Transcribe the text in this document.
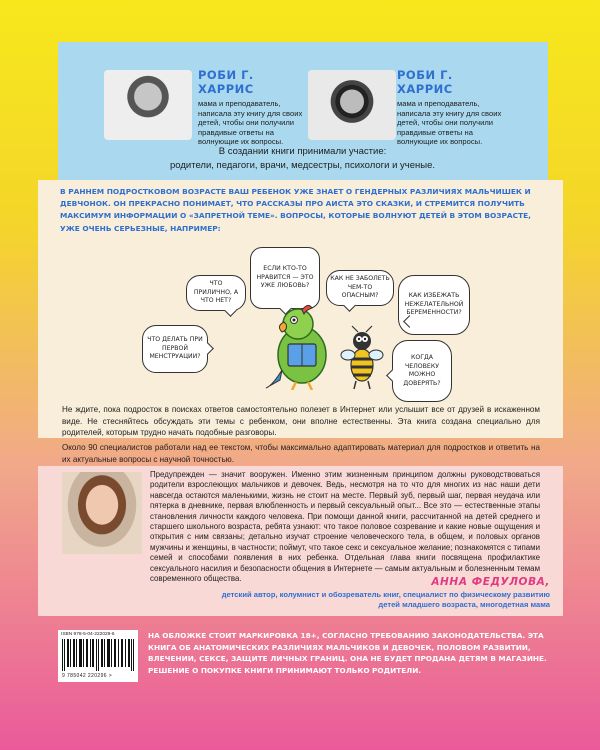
РОБИ Г. ХАРРИС
мама и преподаватель, написала эту книгу для своих детей, чтобы они получили правдивые ответы на волнующие их вопросы.
РОБИ Г. ХАРРИС
мама и преподаватель, написала эту книгу для своих детей, чтобы они получили правдивые ответы на волнующие их вопросы.
В создании книги принимали участие:
родители, педагоги, врачи, медсестры, психологи и ученые.
В РАННЕМ ПОДРОСТКОВОМ ВОЗРАСТЕ ВАШ РЕБЕНОК УЖЕ ЗНАЕТ О ГЕНДЕРНЫХ РАЗЛИЧИЯХ МАЛЬЧИШЕК И ДЕВЧОНОК. ОН ПРЕКРАСНО ПОНИМАЕТ, ЧТО РАССКАЗЫ ПРО АИСТА ЭТО СКАЗКИ, И СТРЕМИТСЯ ПОЛУЧИТЬ МАКСИМУМ ИНФОРМАЦИИ О «ЗАПРЕТНОЙ ТЕМЕ». ВОПРОСЫ, КОТОРЫЕ ВОЛНУЮТ ДЕТЕЙ В ЭТОМ ВОЗРАСТЕ, УЖЕ ОЧЕНЬ СЕРЬЕЗНЫЕ, НАПРИМЕР:
ЕСЛИ КТО-ТО НРАВИТСЯ — ЭТО УЖЕ ЛЮБОВЬ?
ЧТО ПРИЛИЧНО, А ЧТО НЕТ?
КАК НЕ ЗАБОЛЕТЬ ЧЕМ-ТО ОПАСНЫМ?	КАК ИЗБЕЖАТЬ НЕЖЕЛАТЕЛЬНОЙ БЕРЕМЕННОСТИ?
ЧТО ДЕЛАТЬ ПРИ ПЕРВОЙ МЕНСТРУАЦИИ?	КОГДА ЧЕЛОВЕКУ МОЖНО ДОВЕРЯТЬ?
Не ждите, пока подросток в поисках ответов самостоятельно полезет в Интернет или услышит все от друзей в искаженном виде. Не стесняйтесь обсуждать эти темы с ребенком, они вполне естественны. Эта книга создана специально для родителей, которым трудно начать подобные разговоры.
Около 90 специалистов работали над ее текстом, чтобы максимально адаптировать материал для подростков и ответить на их актуальные вопросы с научной точностью.
Предупрежден — значит вооружен. Именно этим жизненным принципом должны руководствоваться родители взрослеющих мальчиков и девочек. Ведь, несмотря на то что для многих из нас наши дети навсегда остаются маленькими, жизнь не стоит на месте. Первый зуб, первый шаг, первая неудача или пятерка в дневнике, первая влюбленность и первый сексуальный опыт... Все это — естественные этапы становления личности каждого человека. При помощи данной книги, рассчитанной на детей среднего и старшего школьного возраста, ребята узнают: что такое половое созревание и какие новые ощущения и открытия с ним связаны; детально изучат строение человеческого тела, в общем, и половых органов мужчины и женщины, в частности; поймут, что такое секс и сексуальное желание; познакомятся с типами семей и способами появления в них ребенка. Отдельная глава книги посвящена профилактике сексуального насилия и безопасности общения в Интернете — самым актуальным и болезненным темам современного общества.	АННА ФЕДУЛОВА,
детский автор, колумнист и обозреватель книг, специалист по физическому развитию детей младшего возраста, многодетная мама
ISBN 978-5-04-222029-6
9 785042 220296 >
НА ОБЛОЖКЕ СТОИТ МАРКИРОВКА 18+, СОГЛАСНО ТРЕБОВАНИЮ ЗАКОНОДАТЕЛЬСТВА. ЭТА КНИГА ОБ АНАТОМИЧЕСКИХ РАЗЛИЧИЯХ МАЛЬЧИКОВ И ДЕВОЧЕК, ПОЛОВОМ РАЗВИТИИ, ВЛЕЧЕНИИ, СЕКСЕ, ЗАЩИТЕ ЛИЧНЫХ ГРАНИЦ. ОНА НЕ БУДЕТ ПРОДАНА ДЕТЯМ В МАГАЗИНЕ. РЕШЕНИЕ О ПОКУПКЕ КНИГИ ПРИНИМАЮТ ТОЛЬКО РОДИТЕЛИ.
